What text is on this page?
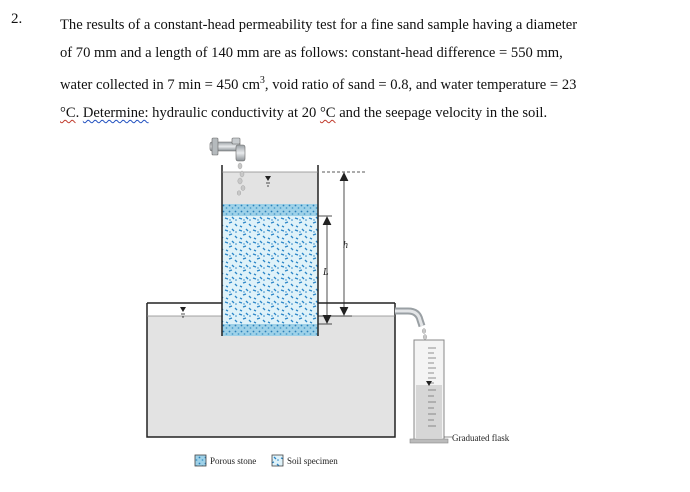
2.	The results of a constant-head permeability test for a fine sand sample having a diameter
of 70 mm and a length of 140 mm are as follows: constant-head difference = 550 mm,
water collected in 7 min = 450 $cm^3$, void ratio of sand = 0.8, and water temperature = 23
°C. Determine: hydraulic conductivity at 20 °C and the seepage velocity in the soil.
Graduated flask
h
L
Porous stone	Soil specimen
